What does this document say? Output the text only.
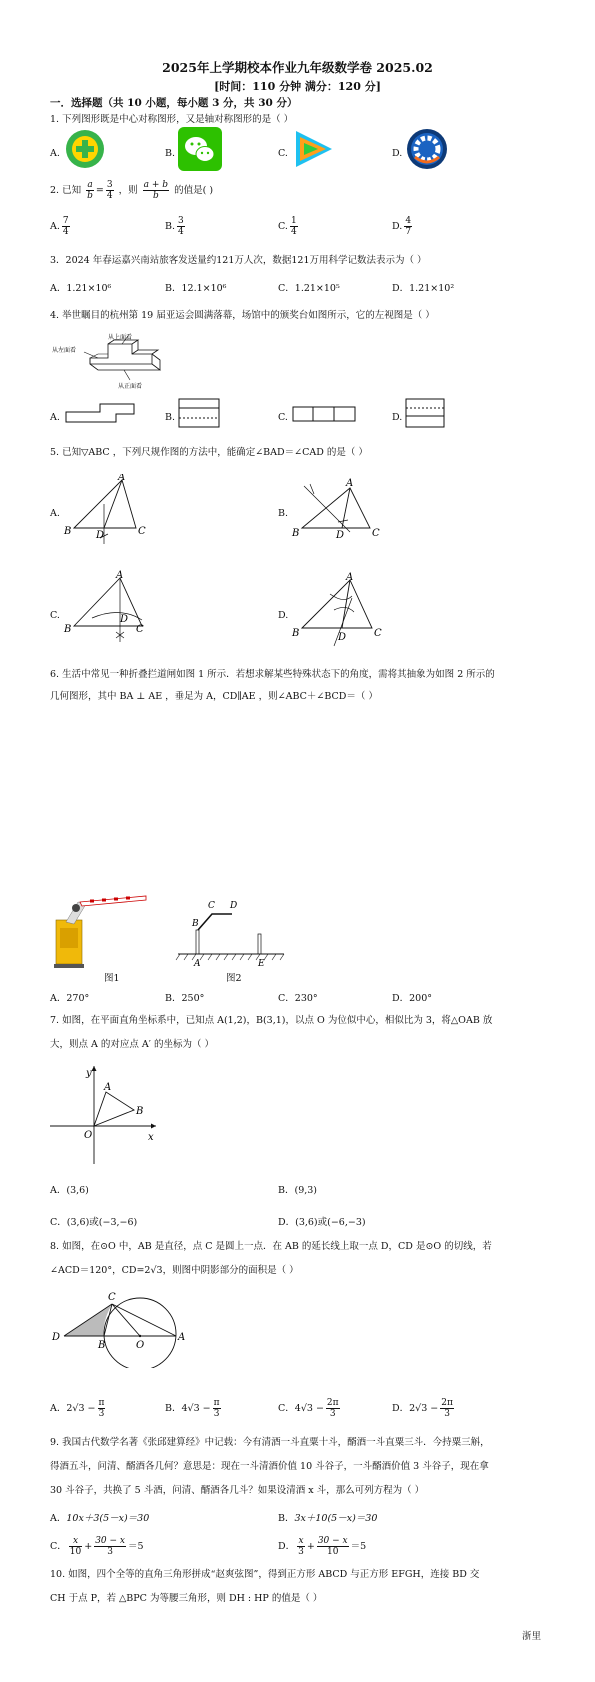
2025年上学期校本作业九年级数学卷 2025.02
[时间：110 分钟 满分：120 分]
一．选择题（共 10 小题，每小题 3 分，共 30 分）
1. 下列图形既是中心对称图形，又是轴对称图形的是（ ）
A.	B.	C.	D.
2. 已知 $\frac{a}{b} = \frac{3}{4}$ ，则 $\frac{a + b}{b}$ 的值是( )
A. $\frac{7}{4}$	B. $\frac{3}{4}$	C. $\frac{1}{4}$	D. $\frac{4}{7}$
3．2024 年春运嘉兴南站旅客发送量约121万人次，数据121万用科学记数法表示为（ ）
A．1.21×10⁶	B．12.1×10⁶	C．1.21×10⁵	D．1.21×10²
4. 举世瞩目的杭州第 19 届亚运会圆满落幕，场馆中的颁奖台如图所示，它的左视图是（ ）
从上面看
从左面看
从正面看
A.	B.	C.	D.
5. 已知▽ABC ，下列尺规作图的方法中，能确定∠BAD＝∠CAD 的是（ ）
A.
A
B	C
D
B.
A
B	C
D
C.
A
B	C
D	D.
A
B	C
D
6. 生活中常见一种折叠拦道闸如图 1 所示．若想求解某些特殊状态下的角度，需将其抽象为如图 2 所示的
几何图形，其中 BA ⊥ AE ，垂足为 A，CD∥AE ，则∠ABC＋∠BCD＝（ ）
图1
B
C D
A	E
图2
A．270°	B．250°	C．230°	D．200°
7. 如图，在平面直角坐标系中，已知点 A(1,2)，B(3,1)，以点 O 为位似中心，相似比为 3，将△OAB 放
大，则点 A 的对应点 A′ 的坐标为（ ）
y
x
O
A
B
A．(3,6)	B．(9,3)
C．(3,6)或(−3,−6)	D．(3,6)或(−6,−3)
8. 如图，在⊙O 中，AB 是直径，点 C 是圆上一点．在 AB 的延长线上取一点 D，CD 是⊙O 的切线，若
∠ACD＝120°，CD=2√3，则图中阴影部分的面积是（ ）
C
D
B	O
A
A．$2√3 - \frac{\pi}{3}$	B．$4√3 - \frac{\pi}{3}$	C．$4√3 - \frac{2\pi}{3}$	D．$2√3 - \frac{2\pi}{3}$
9. 我国古代数学名著《张邱建算经》中记载：今有清酒一斗直粟十斗，醑酒一斗直粟三斗．今持粟三斛，
得酒五斗，问清、醑酒各几何？意思是：现在一斗清酒价值 10 斗谷子，一斗醑酒价值 3 斗谷子，现在拿
30 斗谷子，共换了 5 斗酒，问清、醑酒各几斗？如果设清酒 x 斗，那么可列方程为（ ）
A．10x＋3(5－x)＝30	B．3x＋10(5－x)＝30
C． $\frac{x}{10} + \frac{30 - x}{3} =5$	D． $\frac{x}{3} + \frac{30 - x}{10} =5$
10. 如图，四个全等的直角三角形拼成“赵爽弦图”，得到正方形 ABCD 与正方形 EFGH，连接 BD 交
CH 于点 P，若 △BPC 为等腰三角形，则 DH : HP 的值是（ ）
浙里
